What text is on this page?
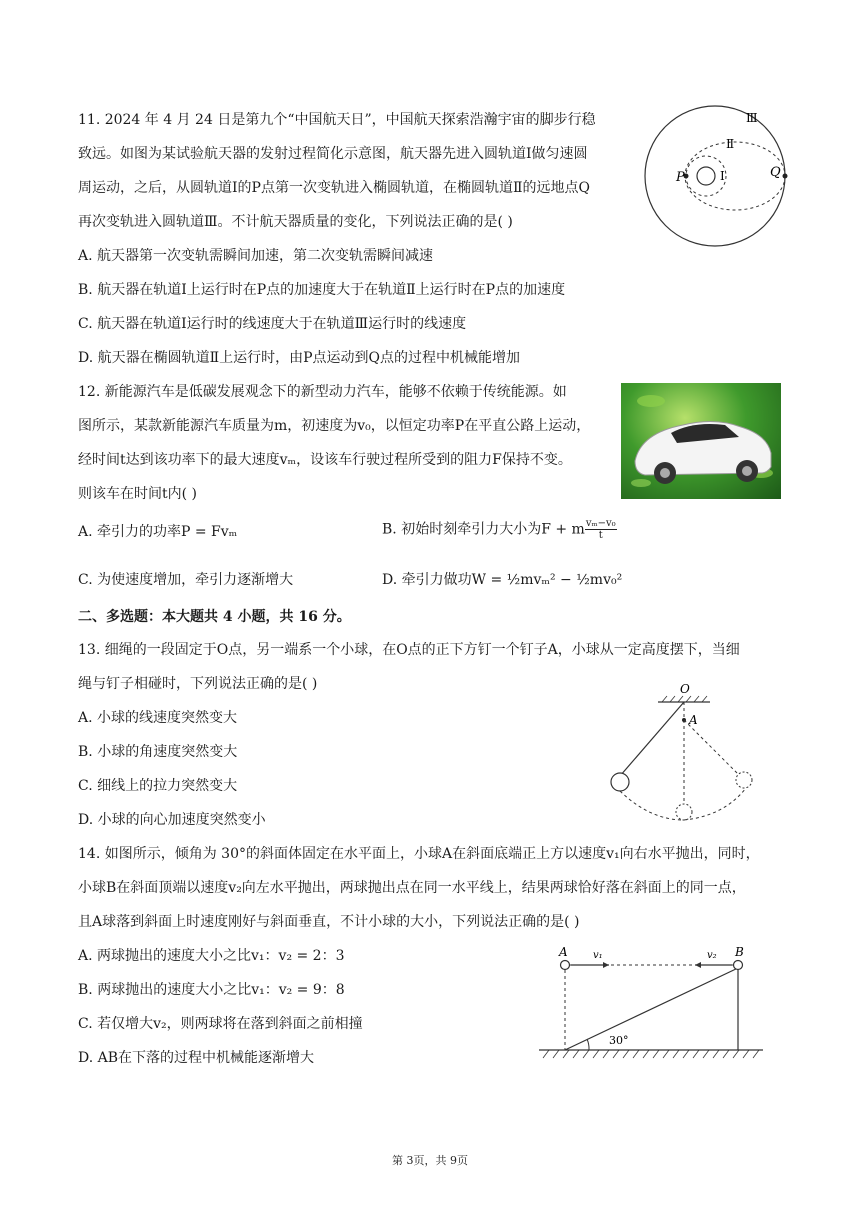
11. 2024 年 4 月 24 日是第九个“中国航天日”，中国航天探索浩瀚宇宙的脚步行稳
致远。如图为某试验航天器的发射过程简化示意图，航天器先进入圆轨道Ⅰ做匀速圆
周运动，之后，从圆轨道Ⅰ的P点第一次变轨进入椭圆轨道，在椭圆轨道Ⅱ的远地点Q
再次变轨进入圆轨道Ⅲ。不计航天器质量的变化，下列说法正确的是( )
A. 航天器第一次变轨需瞬间加速，第二次变轨需瞬间减速
B. 航天器在轨道Ⅰ上运行时在P点的加速度大于在轨道Ⅱ上运行时在P点的加速度
C. 航天器在轨道Ⅰ运行时的线速度大于在轨道Ⅲ运行时的线速度
D. 航天器在椭圆轨道Ⅱ上运行时，由P点运动到Q点的过程中机械能增加
P	Q
Ⅰ
Ⅱ
Ⅲ
12. 新能源汽车是低碳发展观念下的新型动力汽车，能够不依赖于传统能源。如
图所示，某款新能源汽车质量为m，初速度为v₀，以恒定功率P在平直公路上运动，
经时间t达到该功率下的最大速度vₘ，设该车行驶过程所受到的阻力F保持不变。
则该车在时间t内( )
A. 牵引力的功率P = Fvₘ	B. 初始时刻牵引力大小为F + m $\frac{\text{vₘ−v₀}}{t}$
C. 为使速度增加，牵引力逐渐增大	D. 牵引力做功W = ½mvₘ² − ½mv₀²
二、多选题：本大题共 4 小题，共 16 分。
13. 细绳的一段固定于O点，另一端系一个小球，在O点的正下方钉一个钉子A，小球从一定高度摆下，当细
绳与钉子相碰时，下列说法正确的是( )
A. 小球的线速度突然变大
B. 小球的角速度突然变大
C. 细线上的拉力突然变大
D. 小球的向心加速度突然变小
O
A
14. 如图所示，倾角为 30°的斜面体固定在水平面上，小球A在斜面底端正上方以速度v₁向右水平抛出，同时，
小球B在斜面顶端以速度v₂向左水平抛出，两球抛出点在同一水平线上，结果两球恰好落在斜面上的同一点，
且A球落到斜面上时速度刚好与斜面垂直，不计小球的大小，下列说法正确的是( )
A. 两球抛出的速度大小之比v₁：v₂ = 2：3
B. 两球抛出的速度大小之比v₁：v₂ = 9：8
C. 若仅增大v₂，则两球将在落到斜面之前相撞
D. AB在下落的过程中机械能逐渐增大
A	B
v₁	v₂
30°
第 3页，共 9页
